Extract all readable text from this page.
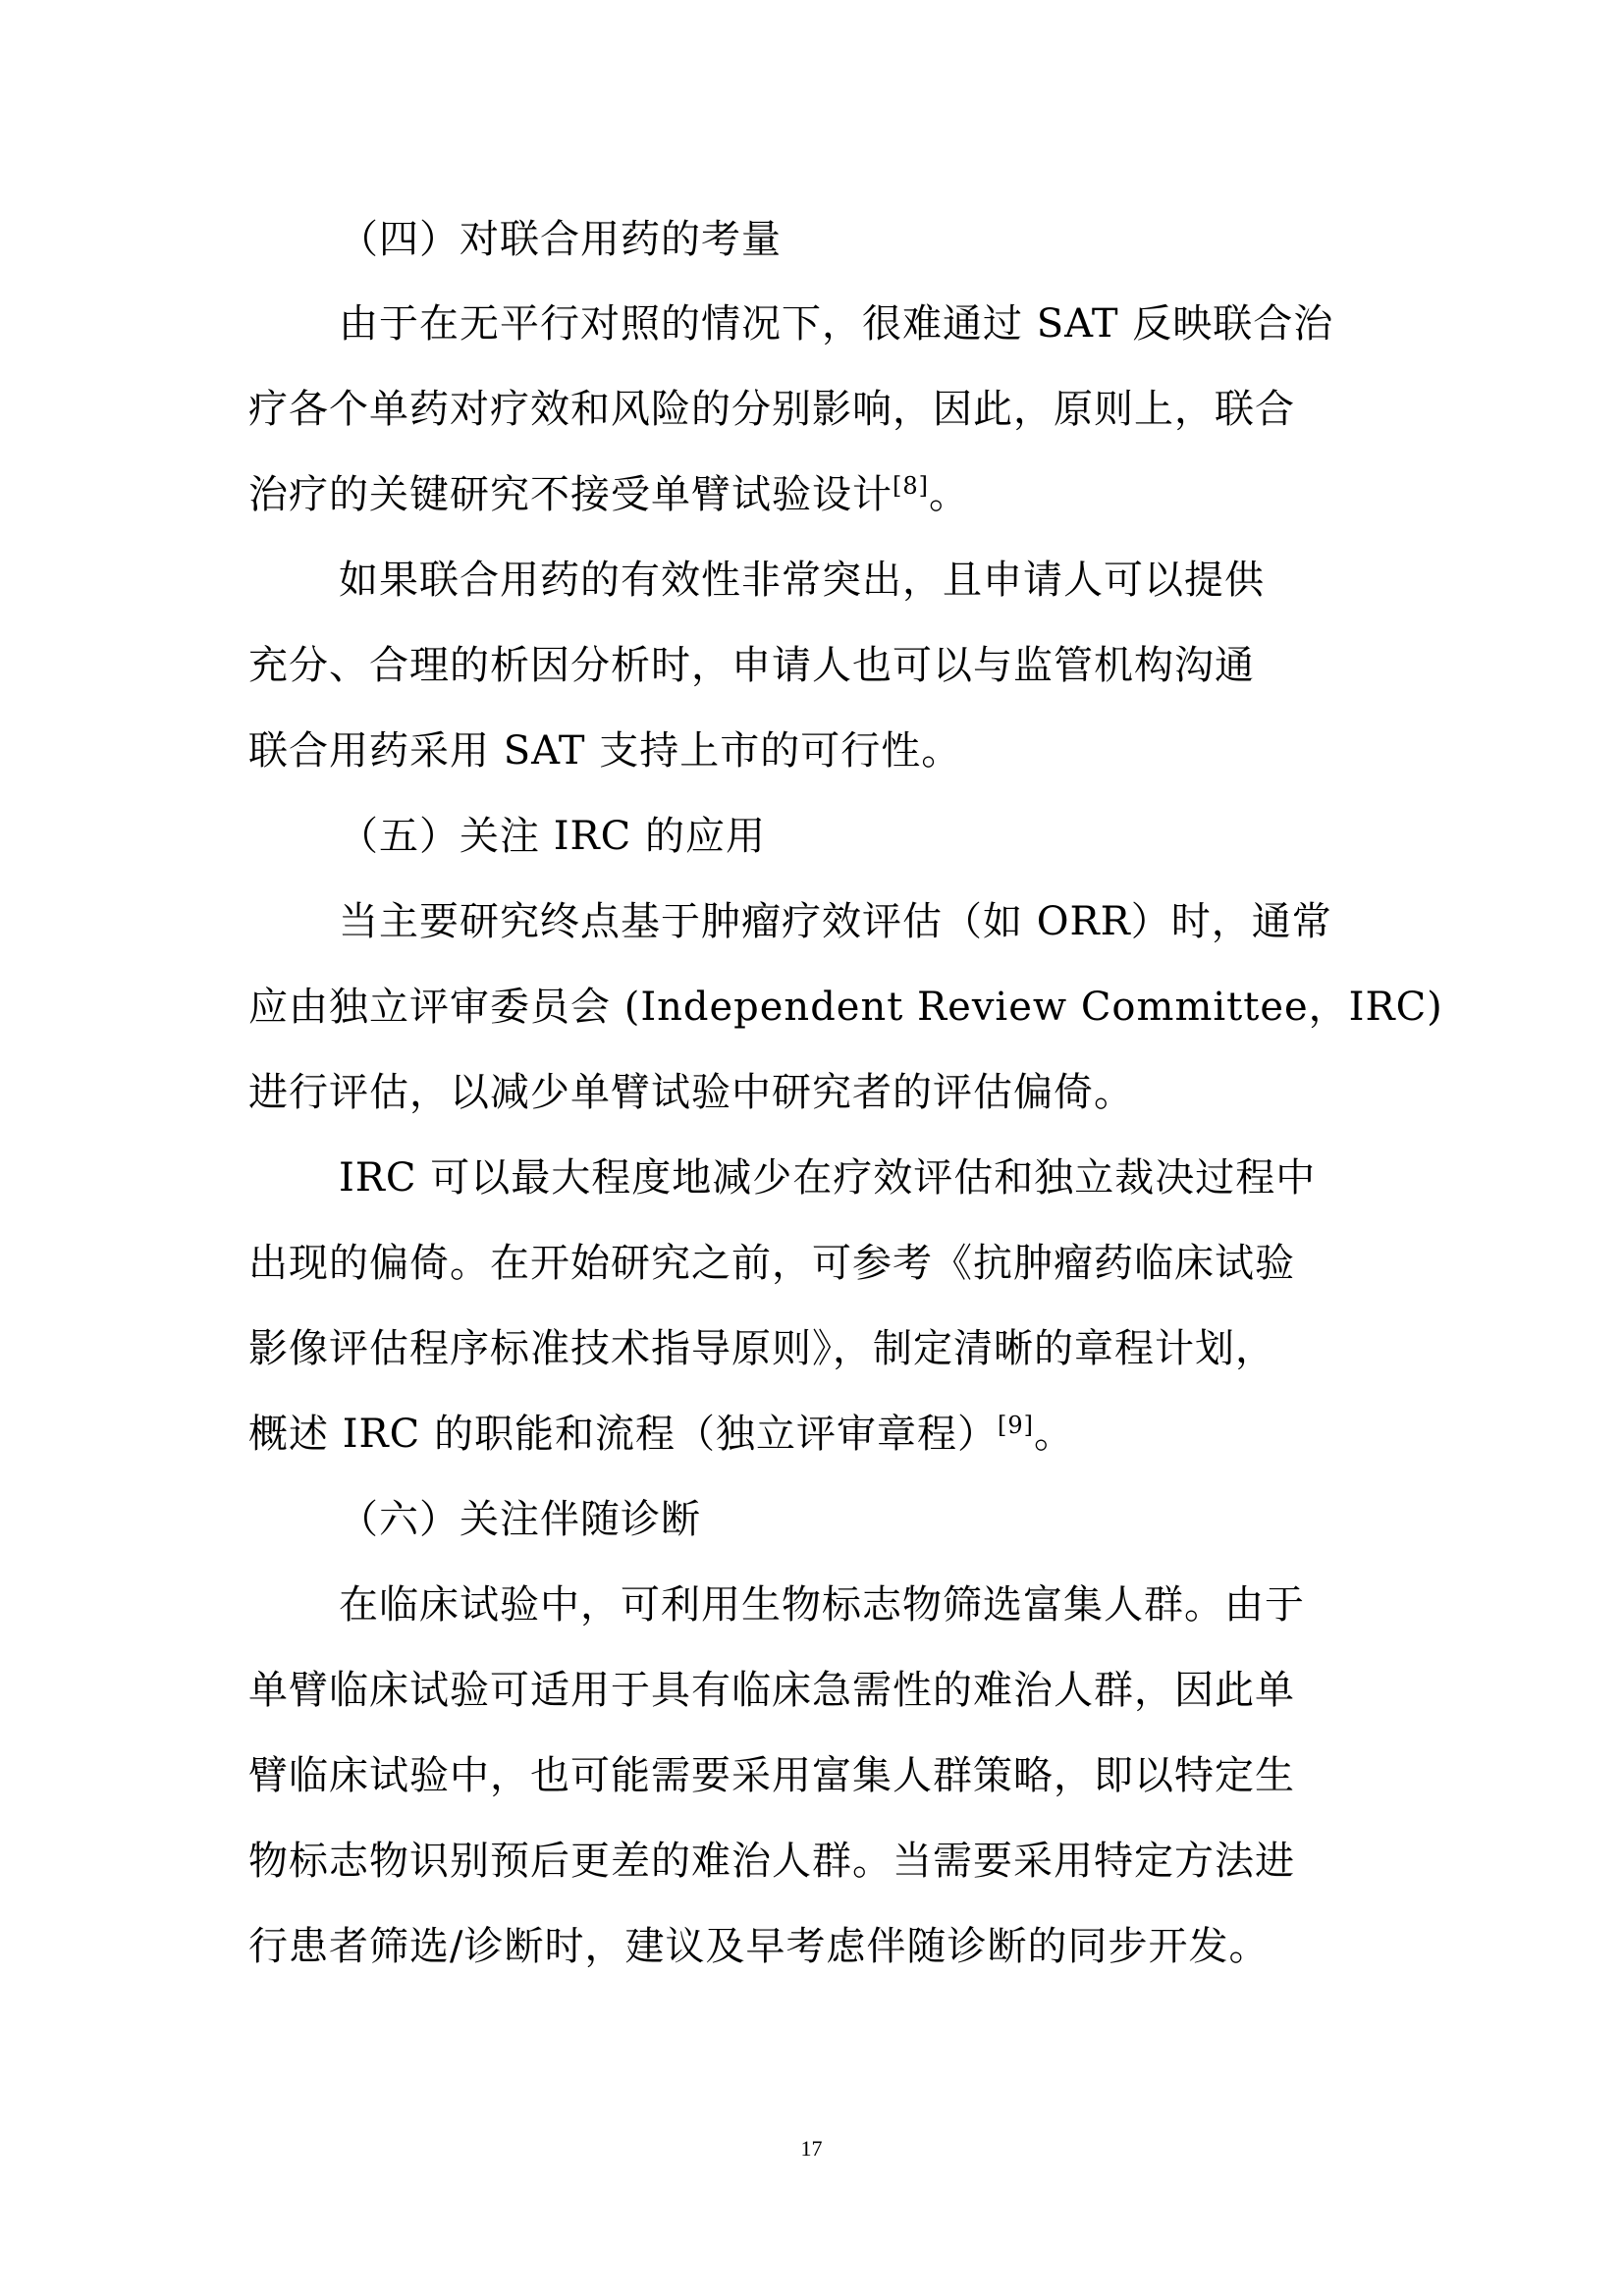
（四）对联合用药的考量
由于在无平行对照的情况下，很难通过 SAT 反映联合治
疗各个单药对疗效和风险的分别影响，因此，原则上，联合
治疗的关键研究不接受单臂试验设计[8]。
如果联合用药的有效性非常突出，且申请人可以提供
充分、合理的析因分析时，申请人也可以与监管机构沟通
联合用药采用 SAT 支持上市的可行性。
（五）关注 IRC 的应用
当主要研究终点基于肿瘤疗效评估（如 ORR）时，通常
应由独立评审委员会 (Independent Review Committee，IRC)
进行评估，以减少单臂试验中研究者的评估偏倚。
IRC 可以最大程度地减少在疗效评估和独立裁决过程中
出现的偏倚。在开始研究之前，可参考《抗肿瘤药临床试验
影像评估程序标准技术指导原则》，制定清晰的章程计划，
概述 IRC 的职能和流程（独立评审章程）[9]。
（六）关注伴随诊断
在临床试验中，可利用生物标志物筛选富集人群。由于
单臂临床试验可适用于具有临床急需性的难治人群，因此单
臂临床试验中，也可能需要采用富集人群策略，即以特定生
物标志物识别预后更差的难治人群。当需要采用特定方法进
行患者筛选/诊断时，建议及早考虑伴随诊断的同步开发。
17
